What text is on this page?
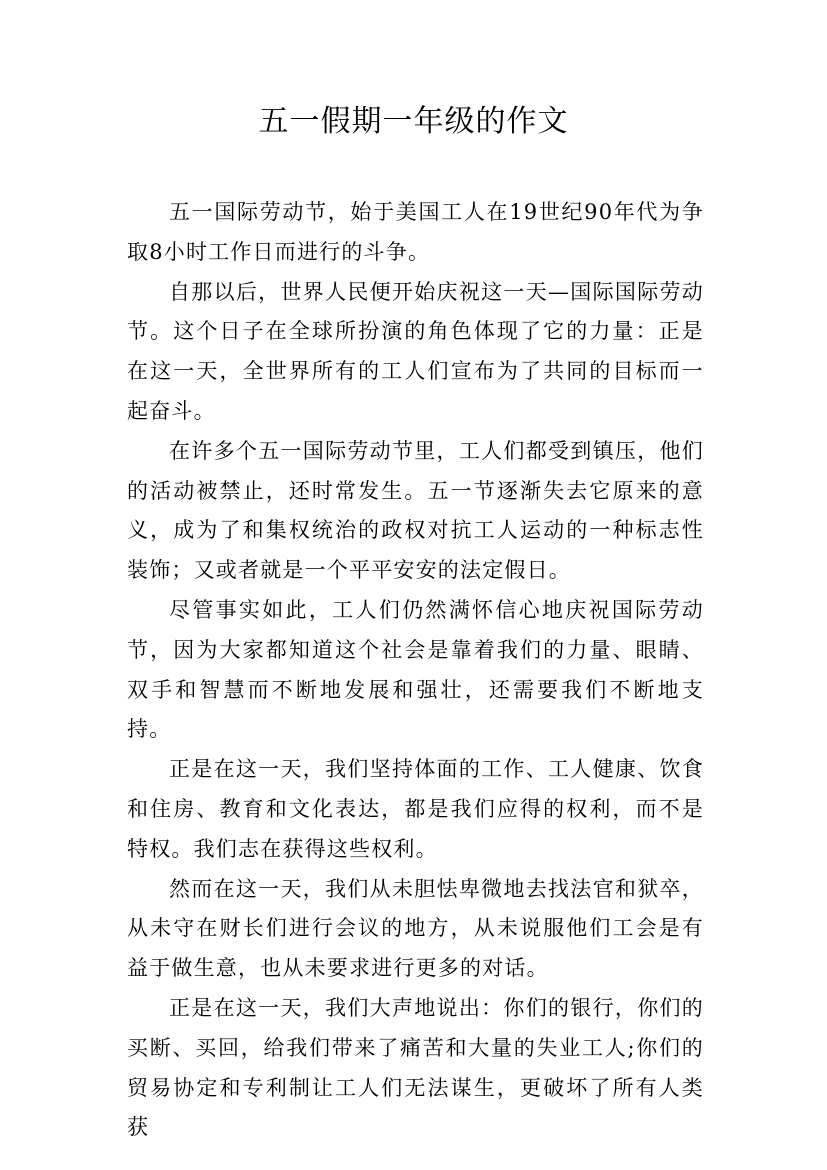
五一假期一年级的作文

五一国际劳动节，始于美国工人在19世纪90年代为争取8小时工作日而进行的斗争。

自那以后，世界人民便开始庆祝这一天—国际国际劳动节。这个日子在全球所扮演的角色体现了它的力量：正是在这一天，全世界所有的工人们宣布为了共同的目标而一起奋斗。

在许多个五一国际劳动节里，工人们都受到镇压，他们的活动被禁止，还时常发生。五一节逐渐失去它原来的意义，成为了和集权统治的政权对抗工人运动的一种标志性装饰；又或者就是一个平平安安的法定假日。

尽管事实如此，工人们仍然满怀信心地庆祝国际劳动节，因为大家都知道这个社会是靠着我们的力量、眼睛、双手和智慧而不断地发展和强壮，还需要我们不断地支持。

正是在这一天，我们坚持体面的工作、工人健康、饮食和住房、教育和文化表达，都是我们应得的权利，而不是特权。我们志在获得这些权利。

然而在这一天，我们从未胆怯卑微地去找法官和狱卒，从未守在财长们进行会议的地方，从未说服他们工会是有益于做生意，也从未要求进行更多的对话。

正是在这一天，我们大声地说出：你们的银行，你们的买断、买回，给我们带来了痛苦和大量的失业工人;你们的贸易协定和专利制让工人们无法谋生，更破坏了所有人类获
